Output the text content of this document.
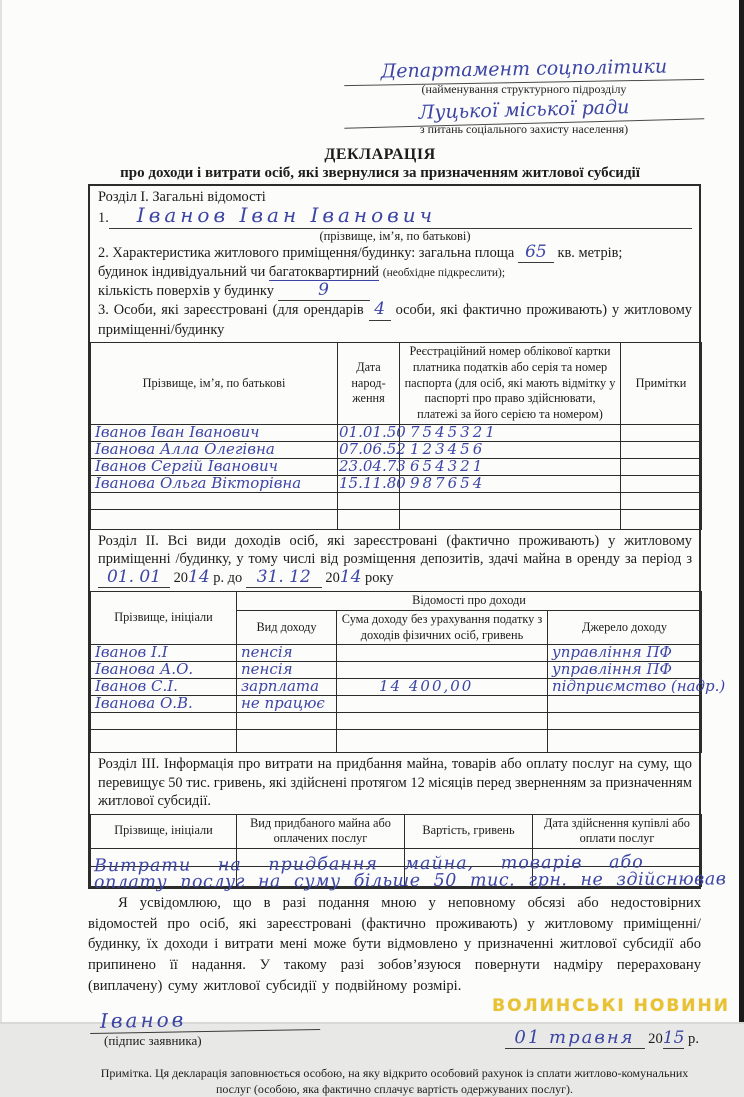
Департамент соцполітики
(найменування структурного підрозділу
Луцької міської ради
з питань соціального захисту населення)
ДЕКЛАРАЦІЯ
про доходи і витрати осіб, які звернулися за призначенням житлової субсидії
Розділ I. Загальні відомості
1.	Іванов Іван Іванович
(прізвище, ім’я, по батькові)
2. Характеристика житлового приміщення/будинку: загальна площа 65 кв. метрів;
будинок індивідуальний чи багатоквартирний (необхідне підкреслити);
кількість поверхів у будинку	9
3. Особи, які зареєстровані (для орендарів 4 особи, які фактично проживають) у житловому приміщенні/будинку
Прізвище, ім’я, по батькові	Дата народ- ження	Реєстраційний номер облікової картки платника податків або серія та номер паспорта (для осіб, які мають відмітку у паспорті про право здійснювати, платежі за його серією та номером)	Примітки
Іванов Іван Іванович	01.01.50	7545321	
Іванова Алла Олегівна	07.06.52	123456	
Іванов Сергій Іванович	23.04.73	654321	
Іванова Ольга Вікторівна	15.11.80	987654	

Розділ II. Всі види доходів осіб, які зареєстровані (фактично проживають) у житловому приміщенні /будинку, у тому числі від розміщення депозитів, здачі майна в оренду за період з 01. 01 2014 р. до 31. 12 2014 року
Прізвище, ініціали	Відомості про доходи		
	Вид доходу	Сума доходу без урахування податку з доходів фізичних осіб, гривень	Джерело доходу
Іванов І.І	пенсія		управління ПФ
Іванова А.О.	пенсія		управління ПФ
Іванов С.І.	зарплата	14 400,00	підприємство (надр.)
Іванова О.В.	не працює		

Розділ III. Інформація про витрати на придбання майна, товарів або оплату послуг на суму, що перевищує 50 тис. гривень, які здійснені протягом 12 місяців перед зверненням за призначенням житлової субсидії.
Прізвище, ініціали	Вид придбаного майна або оплачених послуг	Вартість, гривень	Дата здійснення купівлі або оплати послуг

Витрати на придбання майна, товарів або
оплату послуг на суму більше 50 тис. грн. не здійснював
Я усвідомлюю, що в разі подання мною у неповному обсязі або недостовірних відомостей про осіб, які зареєстровані (фактично проживають) у житловому приміщенні/будинку, їх доходи і витрати мені може бути відмовлено у призначенні житлової субсидії або припинено її надання. У такому разі зобов’язуюся повернути надміру перераховану (виплачену) суму житлової субсидії у подвійному розмірі.
Іванов
(підпис заявника)	01 травня 2015 р.
Примітка. Ця декларація заповнюється особою, на яку відкрито особовий рахунок із сплати житлово-комунальних послуг (особою, яка фактично сплачує вартість одержуваних послуг).
ВОЛИНСЬКІ НОВИНИ
